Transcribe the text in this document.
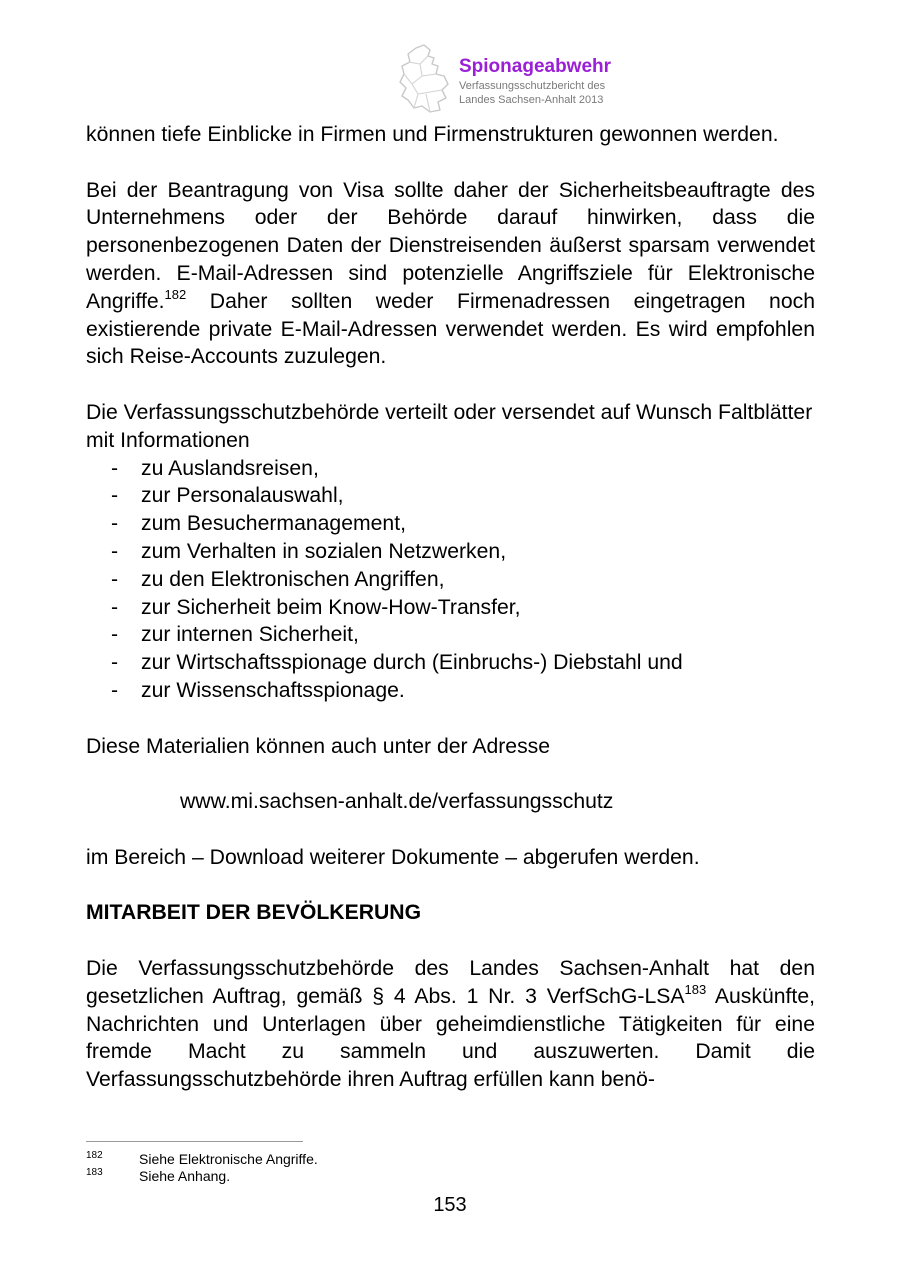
Spionageabwehr
Verfassungsschutzbericht des
Landes Sachsen-Anhalt 2013

können tiefe Einblicke in Firmen und Firmenstrukturen gewonnen werden.

Bei der Beantragung von Visa sollte daher der Sicherheitsbeauftragte des Unternehmens oder der Behörde darauf hinwirken, dass die personenbezogenen Daten der Dienstreisenden äußerst sparsam verwendet werden. E-Mail-Adressen sind potenzielle Angriffsziele für Elektronische Angriffe.$^{182}$ Daher sollten weder Firmenadressen eingetragen noch existierende private E-Mail-Adressen verwendet werden. Es wird empfohlen sich Reise-Accounts zuzulegen.

Die Verfassungsschutzbehörde verteilt oder versendet auf Wunsch Faltblätter mit Informationen

- zu Auslandsreisen,
- zur Personalauswahl,
- zum Besuchermanagement,
- zum Verhalten in sozialen Netzwerken,
- zu den Elektronischen Angriffen,
- zur Sicherheit beim Know-How-Transfer,
- zur internen Sicherheit,
- zur Wirtschaftsspionage durch (Einbruchs-) Diebstahl und
- zur Wissenschaftsspionage.

Diese Materialien können auch unter der Adresse

www.mi.sachsen-anhalt.de/verfassungsschutz

im Bereich – Download weiterer Dokumente – abgerufen werden.

MITARBEIT DER BEVÖLKERUNG

Die Verfassungsschutzbehörde des Landes Sachsen-Anhalt hat den gesetzlichen Auftrag, gemäß § 4 Abs. 1 Nr. 3 VerfSchG-LSA$^{183}$ Auskünfte, Nachrichten und Unterlagen über geheimdienstliche Tätigkeiten für eine fremde Macht zu sammeln und auszuwerten. Damit die Verfassungsschutzbehörde ihren Auftrag erfüllen kann benö-

182	Siehe Elektronische Angriffe.
183	Siehe Anhang.
153
